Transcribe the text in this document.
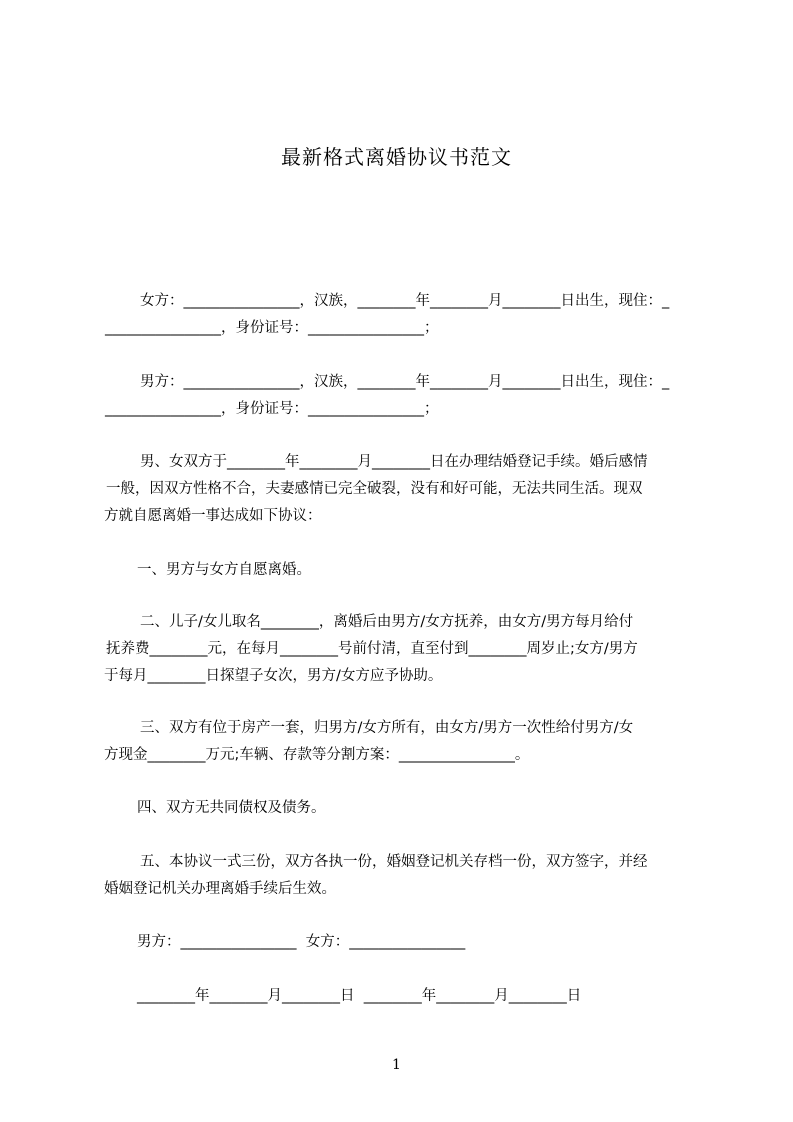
最新格式离婚协议书范文
女方：________________，汉族，________年________月________日出生，现住：_
________________，身份证号：________________；
男方：________________，汉族，________年________月________日出生，现住：_
________________，身份证号：________________；
男、女双方于________年________月________日在办理结婚登记手续。婚后感情
一般，因双方性格不合，夫妻感情已完全破裂，没有和好可能，无法共同生活。现双
方就自愿离婚一事达成如下协议：
一、男方与女方自愿离婚。
二、儿子/女儿取名________，离婚后由男方/女方抚养，由女方/男方每月给付
抚养费________元，在每月________号前付清，直至付到________周岁止;女方/男方
于每月________日探望子女次，男方/女方应予协助。
三、双方有位于房产一套，归男方/女方所有，由女方/男方一次性给付男方/女
方现金________万元;车辆、存款等分割方案：________________。
四、双方无共同债权及债务。
五、本协议一式三份，双方各执一份，婚姻登记机关存档一份，双方签字，并经
婚姻登记机关办理离婚手续后生效。
男方：________________  女方：________________
________年________月________日  ________年________月________日
1
